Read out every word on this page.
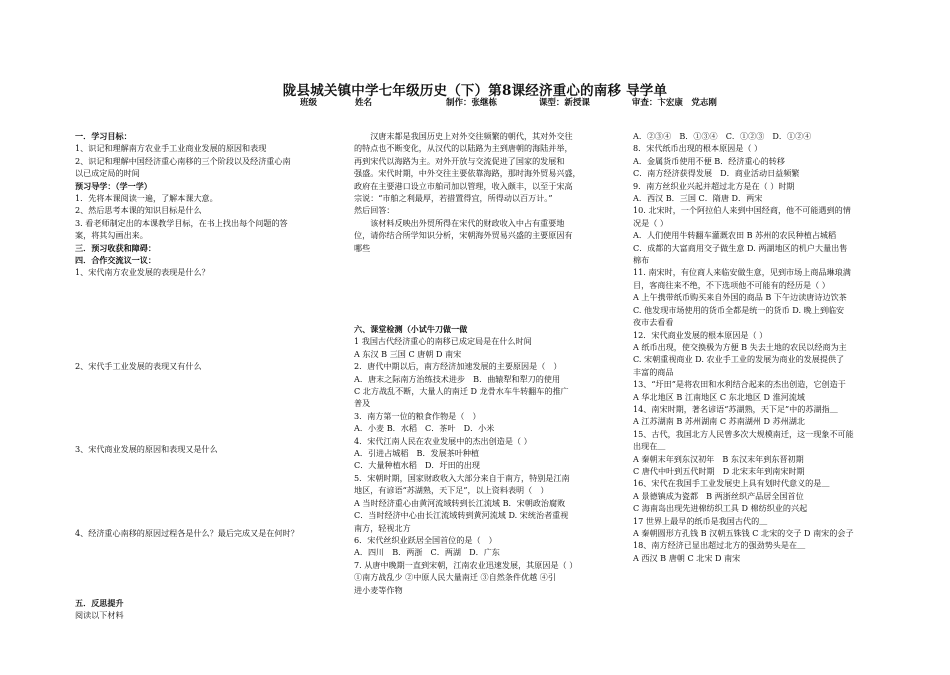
陇县城关镇中学七年级历史（下）第8课经济重心的南移 导学单
班级	姓名	制作：张继栋	课型：新授课	审查：卞宏康　党志刚

一．学习目标：

1、识记和理解南方农业手工业商业发展的原因和表现

2、识记和理解中国经济重心南移的三个阶段以及经济重心南

以已成定局的时间

预习导学：（学一学）

1．先将本课阅读一遍，了解本课大意。

2、然后思考本课的知识目标是什么

3. 看老师制定出的本课教学目标，在书上找出每个问题的答

案，将其勾画出来。

三．预习收获和障碍：

四．合作交流议一议：

1、宋代南方农业发展的表现是什么？

2、宋代手工业发展的表现又有什么
3、宋代商业发展的原因和表现又是什么
4、经济重心南移的原因过程各是什么？最后完成又是在何时？

五．反思提升

阅读以下材料

汉唐末都是我国历史上对外交往频繁的朝代，其对外交往

的特点也不断变化，从汉代的以陆路为主到唐朝的海陆并举，

再到宋代以海路为主。对外开放与交流促进了国家的发展和

强盛。宋代时期，中外交往主要依靠海路，那时海外贸易兴盛，

政府在主要港口设立市舶司加以管理，收入颇丰，以至于宋高

宗说：“市舶之利最厚，若措置得宜，所得动以百万计。”

然后回答：

该材料反映出外贸所得在宋代的财政收入中占有重要地

位，请你结合所学知识分析，宋朝海外贸易兴盛的主要原因有

哪些

六、课堂检测（小试牛刀做一做

1 我国古代经济重心的南移已成定局是在什么时间

A 东汉 B 三国 C 唐朝 D 南宋

2．唐代中期以后，南方经济加速发展的主要原因是（　）

A．唐末之际南方治练技术进步　B．曲辕犁和犁刀的使用

C 北方战乱不断，大量人的南迁 D 龙骨水车牛转翻车的推广

普及

3．南方第一位的粮食作物是（　）

A．小麦 B．水稻　C．茶叶　D．小米

4．宋代江南人民在农业发展中的杰出创造是（ ）

A．引进占城稻　B．发展茶叶种植

C．大量种植水稻　D．圩田的出现

5．宋朝时期，国家财政收入大部分来自于南方，特别是江南

地区，有谚语“苏湖熟，天下足”，以上资料表明（　）

A 当时经济重心由黄河流域转到长江流域 B．宋朝政治腐败

C．当时经济中心由长江流域转到黄河流域 D. 宋统治者重视

南方，轻视北方

6．宋代丝织业跃居全国首位的是（　）

A．四川　B．两浙　C．两湖　D．广东

7. 从唐中晚期一直到宋朝，江南农业迅速发展，其原因是（ ）

①南方战乱少 ②中原人民大量南迁 ③自然条件优越 ④引

进小麦等作物

A．②③④　B．①③④　C．①②③　D．①②④

8．宋代纸币出现的根本原因是（ ）

A．金属货币使用不便 B．经济重心的转移

C．南方经济获得发展　D．商业活动日益频繁

9．南方丝织业兴起并超过北方是在（ ）时期

A．西汉 B．三国 C．隋唐 D．两宋

10. 北宋时，一个阿拉伯人来到中国经商，他不可能遇到的情

况是（ ）

A．人们使用牛转翻车灌溉农田 B 苏州的农民种植占城稻

C．成都的大富商用交子做生意 D. 两湖地区的机户大量出售

棉布

11. 南宋时，有位商人来临安做生意，见到市场上商品琳琅满

目，客商往来不绝，不下选项他不可能有的经历是（ ）

A 上午携带纸币购买来自外国的商品 B 下午边读唐诗边饮茶

C. 他发现市场使用的货币全都是统一的货币 D. 晚上到临安

夜市去看看

12．宋代商业发展的根本原因是（ ）

A 纸币出现，使交换极为方便 B 失去土地的农民以经商为主

C. 宋朝重视商业 D. 农业手工业的发展为商业的发展提供了

丰富的商品

13、“圩田”是将农田和水利结合起来的杰出创造，它创造于

A 华北地区 B 江南地区 C 东北地区 D 淮河流域

14、南宋时期，著名谚语“苏湖熟，天下足”中的苏湖指＿

A 江苏湖南 B 苏州湖南 C 苏南湖州 D 苏州湖北

15、古代，我国北方人民曾多次大规模南迁，这一现象不可能

出现在＿

A 秦朝末年到东汉初年　B 东汉末年到东晋初期

C 唐代中叶到五代时期　D 北宋末年到南宋时期

16、宋代在我国手工业发展史上具有划时代意义的是＿

A 景德镇成为瓷都　B 两浙丝织产品居全国首位

C 海南岛出现先进棉纺织工具 D 棉纺织业的兴起

17 世界上最早的纸币是我国古代的＿

A 秦朝圆形方孔钱 B 汉朝五铢钱 C 北宋的交子 D 南宋的会子

18、南方经济已显出超过北方的强劲势头是在＿

A 西汉 B 唐朝 C 北宋 D 南宋
